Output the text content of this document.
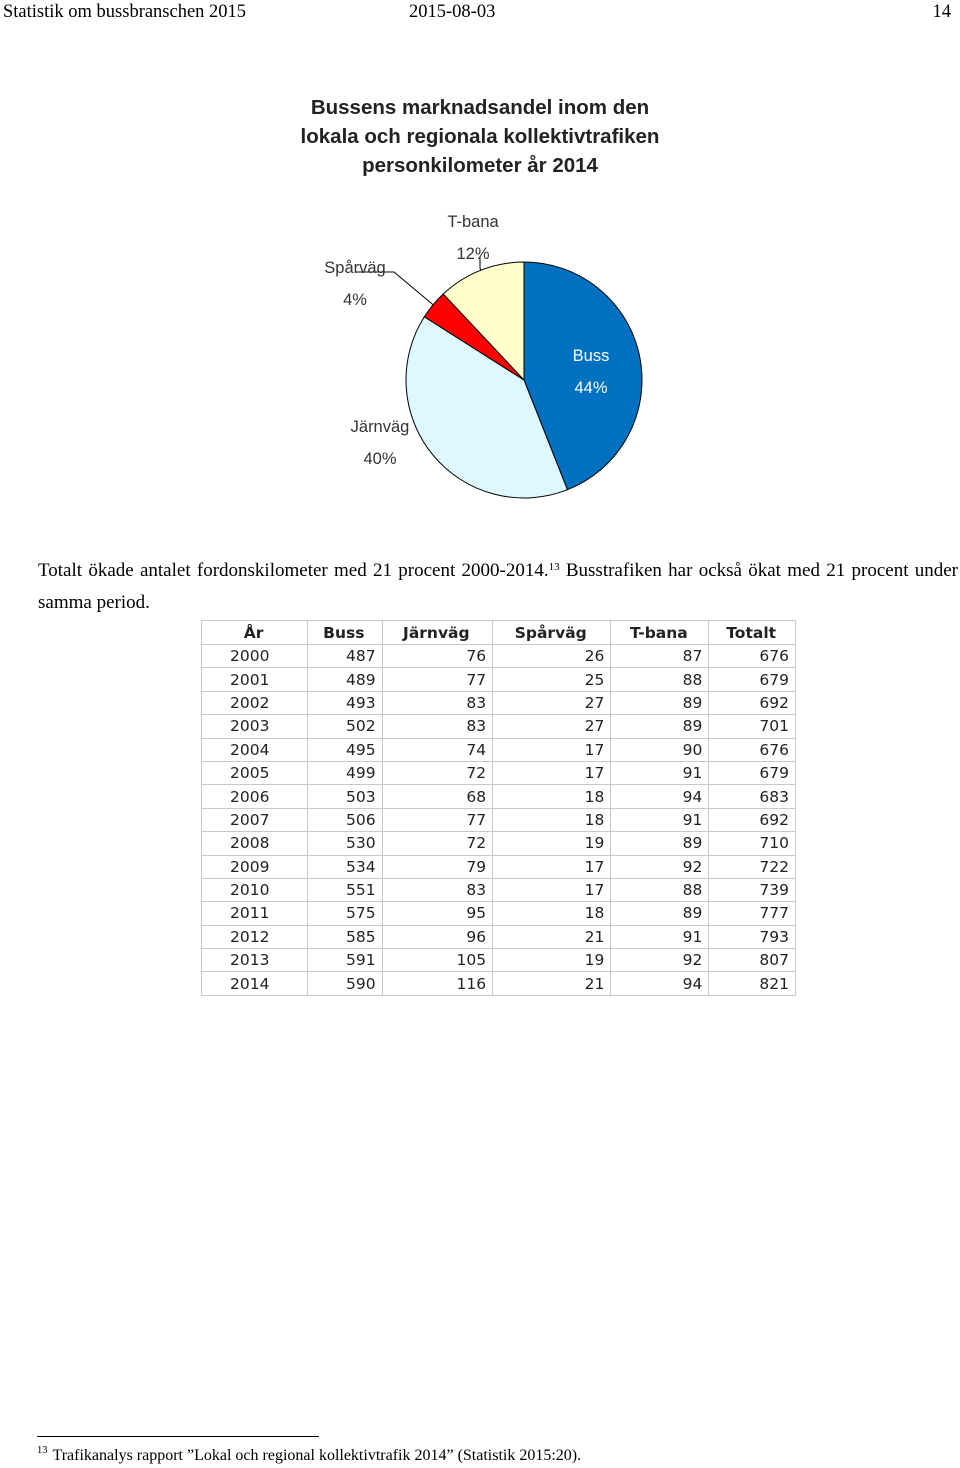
Statistik om bussbranschen 2015	2015-08-03	14
Bussens marknadsandel inom den
lokala och regionala kollektivtrafiken
personkilometer år 2014
Buss
44%
Järnväg
40%
Spårväg
4%
T-bana
12%
Totalt ökade antalet fordonskilometer med 21 procent 2000-2014.13 Busstrafiken har också ökat med 21 procent under samma period.
År	Buss	Järnväg	Spårväg	T-bana	Totalt
2000	487	76	26	87	676
2001	489	77	25	88	679
2002	493	83	27	89	692
2003	502	83	27	89	701
2004	495	74	17	90	676
2005	499	72	17	91	679
2006	503	68	18	94	683
2007	506	77	18	91	692
2008	530	72	19	89	710
2009	534	79	17	92	722
2010	551	83	17	88	739
2011	575	95	18	89	777
2012	585	96	21	91	793
2013	591	105	19	92	807
2014	590	116	21	94	821
$^{13}$ Trafikanalys rapport ”Lokal och regional kollektivtrafik 2014” (Statistik 2015:20).
